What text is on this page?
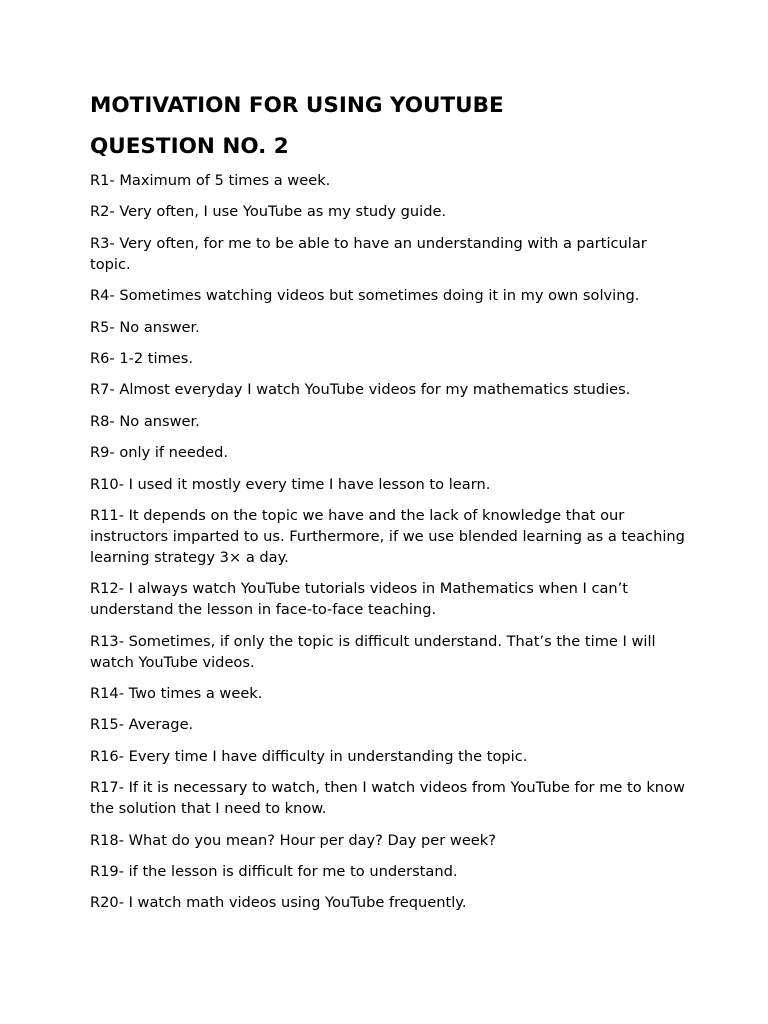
MOTIVATION FOR USING YOUTUBE
QUESTION NO. 2
R1- Maximum of 5 times a week.
R2- Very often, I use YouTube as my study guide.
R3- Very often, for me to be able to have an understanding with a particular topic.
R4- Sometimes watching videos but sometimes doing it in my own solving.
R5- No answer.
R6- 1-2 times.
R7- Almost everyday I watch YouTube videos for my mathematics studies.
R8- No answer.
R9- only if needed.
R10- I used it mostly every time I have lesson to learn.
R11- It depends on the topic we have and the lack of knowledge that our instructors imparted to us. Furthermore, if we use blended learning as a teaching learning strategy 3× a day.
R12- I always watch YouTube tutorials videos in Mathematics when I can’t understand the lesson in face-to-face teaching.
R13- Sometimes, if only the topic is difficult understand. That’s the time I will watch YouTube videos.
R14- Two times a week.
R15- Average.
R16- Every time I have difficulty in understanding the topic.
R17- If it is necessary to watch, then I watch videos from YouTube for me to know the solution that I need to know.
R18- What do you mean? Hour per day? Day per week?
R19- if the lesson is difficult for me to understand.
R20- I watch math videos using YouTube frequently.
